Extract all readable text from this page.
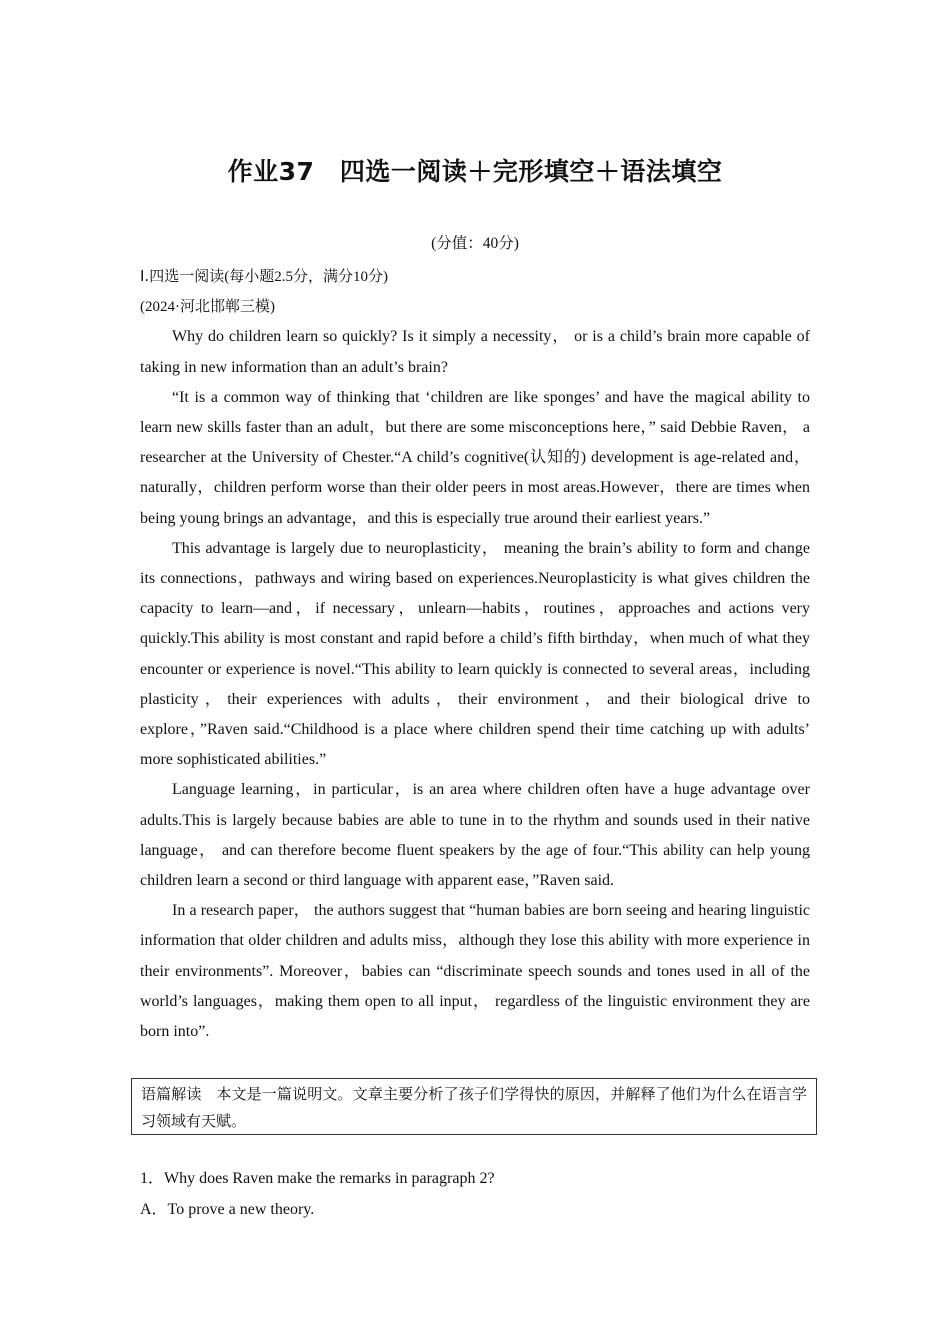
作业37　四选一阅读＋完形填空＋语法填空
(分值：40分)

Ⅰ.四选一阅读(每小题2.5分，满分10分)

(2024·河北邯郸三模)

Why do children learn so quickly? Is it simply a necessity， or is a child’s brain more capable of taking in new information than an adult’s brain?

“It is a common way of thinking that ‘children are like sponges’ and have the magical ability to learn new skills faster than an adult，but there are some misconceptions here，” said Debbie Raven， a researcher at the University of Chester.“A child’s cognitive(认知的) development is age-related and，naturally，children perform worse than their older peers in most areas.However，there are times when being young brings an advantage，and this is especially true around their earliest years.”

This advantage is largely due to neuroplasticity， meaning the brain’s ability to form and change its connections，pathways and wiring based on experiences.Neuroplasticity is what gives children the capacity to learn—and，if necessary，unlearn—habits，routines，approaches and actions very quickly.This ability is most constant and rapid before a child’s fifth birthday，when much of what they encounter or experience is novel.“This ability to learn quickly is connected to several areas，including plasticity，their experiences with adults，their environment，and their biological drive to explore，”Raven said.“Childhood is a place where children spend their time catching up with adults’ more sophisticated abilities.”

Language learning，in particular，is an area where children often have a huge advantage over adults.This is largely because babies are able to tune in to the rhythm and sounds used in their native language， and can therefore become fluent speakers by the age of four.“This ability can help young children learn a second or third language with apparent ease，”Raven said.

In a research paper， the authors suggest that “human babies are born seeing and hearing linguistic information that older children and adults miss，although they lose this ability with more experience in their environments”. Moreover，babies can “discriminate speech sounds and tones used in all of the world’s languages，making them open to all input， regardless of the linguistic environment they are born into”.

语篇解读 本文是一篇说明文。文章主要分析了孩子们学得快的原因，并解释了他们为什么在语言学习领域有天赋。

1．Why does Raven make the remarks in paragraph 2?

A．To prove a new theory.
